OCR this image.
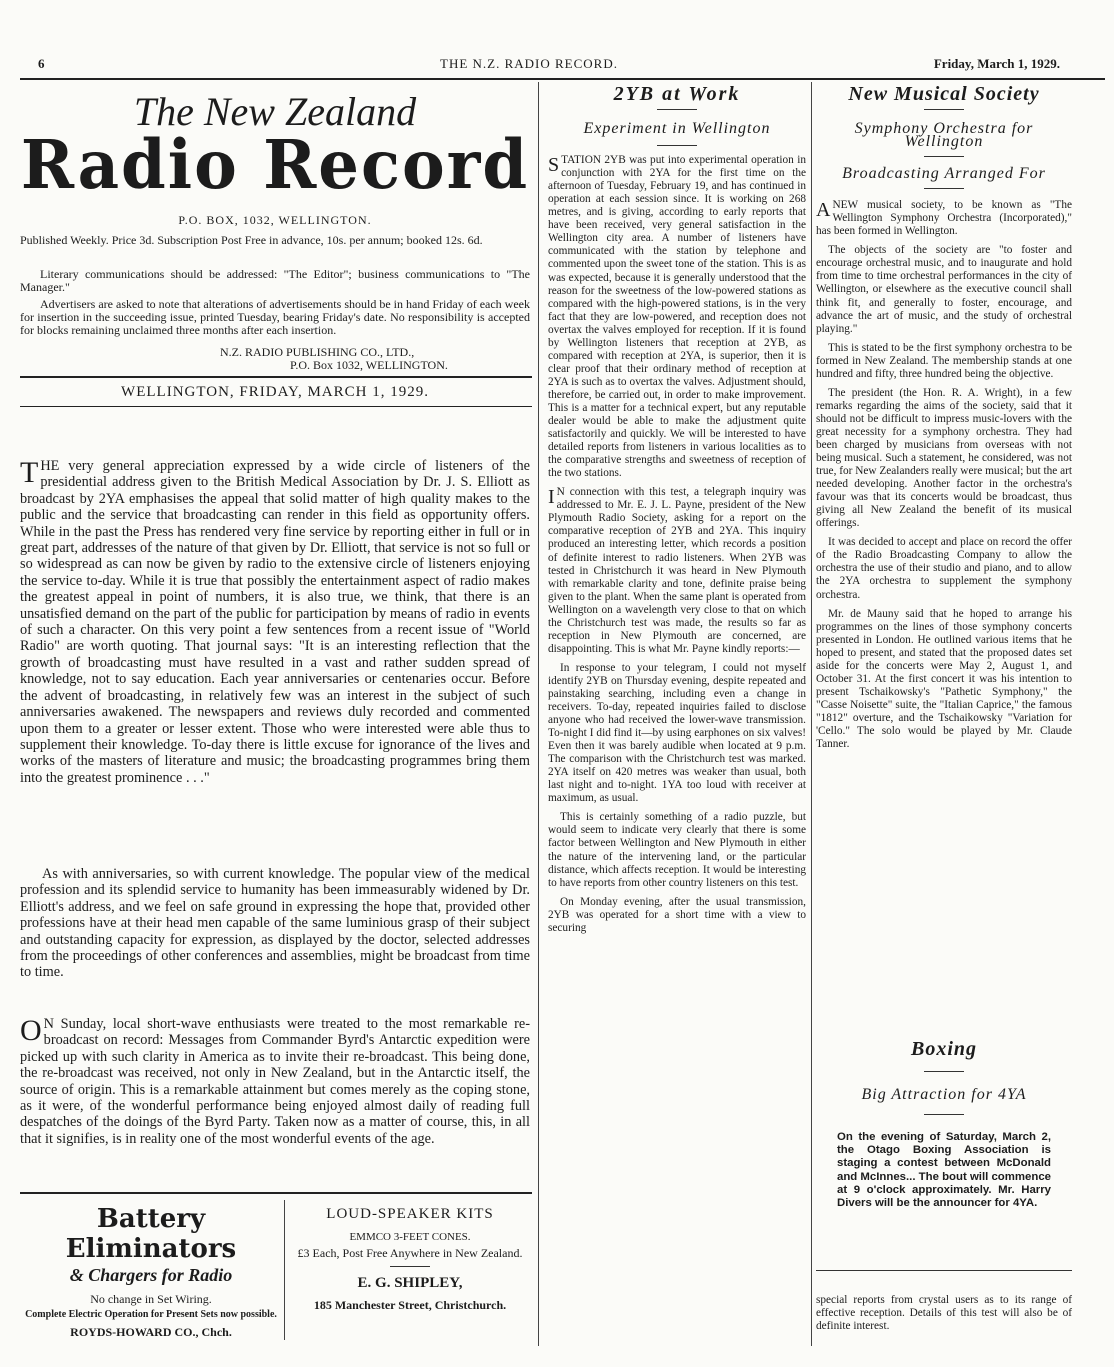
6	THE N.Z. RADIO RECORD.	Friday, March 1, 1929.
The New Zealand
Radio Record
P.O. BOX, 1032, WELLINGTON.
Published Weekly. Price 3d. Subscription Post Free in advance, 10s. per annum; booked 12s. 6d.
Literary communications should be addressed: "The Editor"; business communications to "The Manager."
Advertisers are asked to note that alterations of advertisements should be in hand Friday of each week for insertion in the succeeding issue, printed Tuesday, bearing Friday's date. No responsibility is accepted for blocks remaining unclaimed three months after each insertion.
N.Z. RADIO PUBLISHING CO., LTD.,
P.O. Box 1032, WELLINGTON.
WELLINGTON, FRIDAY, MARCH 1, 1929.

THE very general appreciation expressed by a wide circle of listeners of the presidential address given to the British Medical Association by Dr. J. S. Elliott as broadcast by 2YA emphasises the appeal that solid matter of high quality makes to the public and the service that broadcasting can render in this field as opportunity offers. While in the past the Press has rendered very fine service by reporting either in full or in great part, addresses of the nature of that given by Dr. Elliott, that service is not so full or so widespread as can now be given by radio to the extensive circle of listeners enjoying the service to-day. While it is true that possibly the entertainment aspect of radio makes the greatest appeal in point of numbers, it is also true, we think, that there is an unsatisfied demand on the part of the public for participation by means of radio in events of such a character. On this very point a few sentences from a recent issue of "World Radio" are worth quoting. That journal says: "It is an interesting reflection that the growth of broadcasting must have resulted in a vast and rather sudden spread of knowledge, not to say education. Each year anniversaries or centenaries occur. Before the advent of broadcasting, in relatively few was an interest in the subject of such anniversaries awakened. The newspapers and reviews duly recorded and commented upon them to a greater or lesser extent. Those who were interested were able thus to supplement their knowledge. To-day there is little excuse for ignorance of the lives and works of the masters of literature and music; the broadcasting programmes bring them into the greatest prominence . . ."

As with anniversaries, so with current knowledge. The popular view of the medical profession and its splendid service to humanity has been immeasurably widened by Dr. Elliott's address, and we feel on safe ground in expressing the hope that, provided other professions have at their head men capable of the same luminious grasp of their subject and outstanding capacity for expression, as displayed by the doctor, selected addresses from the proceedings of other conferences and assemblies, might be broadcast from time to time.

O N Sunday, local short-wave enthusiasts were treated to the most remarkable re-broadcast on record: Messages from Commander Byrd's Antarctic expedition were picked up with such clarity in America as to invite their re-broadcast. This being done, the re-broadcast was received, not only in New Zealand, but in the Antarctic itself, the source of origin. This is a remarkable attainment but comes merely as the coping stone, as it were, of the wonderful performance being enjoyed almost daily of reading full despatches of the doings of the Byrd Party. Taken now as a matter of course, this, in all that it signifies, is in reality one of the most wonderful events of the age.

Battery Eliminators
& Chargers for Radio
No change in Set Wiring.
Complete Electric Operation for Present Sets now possible.
ROYDS-HOWARD CO., Chch.
LOUD-SPEAKER KITS
EMMCO 3-FEET CONES.
£3 Each, Post Free Anywhere in New Zealand.
E. G. SHIPLEY,
185 Manchester Street, Christchurch.
2YB at Work
Experiment in Wellington

STATION 2YB was put into experimental operation in conjunction with 2YA for the first time on the afternoon of Tuesday, February 19, and has continued in operation at each session since. It is working on 268 metres, and is giving, according to early reports that have been received, very general satisfaction in the Wellington city area. A number of listeners have communicated with the station by telephone and commented upon the sweet tone of the station. This is as was expected, because it is generally understood that the reason for the sweetness of the low-powered stations as compared with the high-powered stations, is in the very fact that they are low-powered, and reception does not overtax the valves employed for reception. If it is found by Wellington listeners that reception at 2YB, as compared with reception at 2YA, is superior, then it is clear proof that their ordinary method of reception at 2YA is such as to overtax the valves. Adjustment should, therefore, be carried out, in order to make improvement. This is a matter for a technical expert, but any reputable dealer would be able to make the adjustment quite satisfactorily and quickly. We will be interested to have detailed reports from listeners in various localities as to the comparative strengths and sweetness of reception of the two stations.

I N connection with this test, a telegraph inquiry was addressed to Mr. E. J. L. Payne, president of the New Plymouth Radio Society, asking for a report on the comparative reception of 2YB and 2YA. This inquiry produced an interesting letter, which records a position of definite interest to radio listeners. When 2YB was tested in Christchurch it was heard in New Plymouth with remarkable clarity and tone, definite praise being given to the plant. When the same plant is operated from Wellington on a wavelength very close to that on which the Christchurch test was made, the results so far as reception in New Plymouth are concerned, are disappointing. This is what Mr. Payne kindly reports:—

In response to your telegram, I could not myself identify 2YB on Thursday evening, despite repeated and painstaking searching, including even a change in receivers. To-day, repeated inquiries failed to disclose anyone who had received the lower-wave transmission. To-night I did find it—by using earphones on six valves! Even then it was barely audible when located at 9 p.m. The comparison with the Christchurch test was marked. 2YA itself on 420 metres was weaker than usual, both last night and to-night. 1YA too loud with receiver at maximum, as usual.

This is certainly something of a radio puzzle, but would seem to indicate very clearly that there is some factor between Wellington and New Plymouth in either the nature of the intervening land, or the particular distance, which affects reception. It would be interesting to have reports from other country listeners on this test.

On Monday evening, after the usual transmission, 2YB was operated for a short time with a view to securing

New Musical Society
Symphony Orchestra for Wellington
Broadcasting Arranged For

ANEW musical society, to be known as "The Wellington Symphony Orchestra (Incorporated)," has been formed in Wellington.

The objects of the society are "to foster and encourage orchestral music, and to inaugurate and hold from time to time orchestral performances in the city of Wellington, or elsewhere as the executive council shall think fit, and generally to foster, encourage, and advance the art of music, and the study of orchestral playing."

This is stated to be the first symphony orchestra to be formed in New Zealand. The membership stands at one hundred and fifty, three hundred being the objective.

The president (the Hon. R. A. Wright), in a few remarks regarding the aims of the society, said that it should not be difficult to impress music-lovers with the great necessity for a symphony orchestra. They had been charged by musicians from overseas with not being musical. Such a statement, he considered, was not true, for New Zealanders really were musical; but the art needed developing. Another factor in the orchestra's favour was that its concerts would be broadcast, thus giving all New Zealand the benefit of its musical offerings.

It was decided to accept and place on record the offer of the Radio Broadcasting Company to allow the orchestra the use of their studio and piano, and to allow the 2YA orchestra to supplement the symphony orchestra.

Mr. de Mauny said that he hoped to arrange his programmes on the lines of those symphony concerts presented in London. He outlined various items that he hoped to present, and stated that the proposed dates set aside for the concerts were May 2, August 1, and October 31. At the first concert it was his intention to present Tschaikowsky's "Pathetic Symphony," the "Casse Noisette" suite, the "Italian Caprice," the famous "1812" overture, and the Tschaikowsky "Variation for 'Cello." The solo would be played by Mr. Claude Tanner.

Boxing
Big Attraction for 4YA
On the evening of Saturday, March 2, the Otago Boxing Association is staging a contest between McDonald and McInnes... The bout will commence at 9 o'clock approximately. Mr. Harry Divers will be the announcer for 4YA.

special reports from crystal users as to its range of effective reception. Details of this test will also be of definite interest.
